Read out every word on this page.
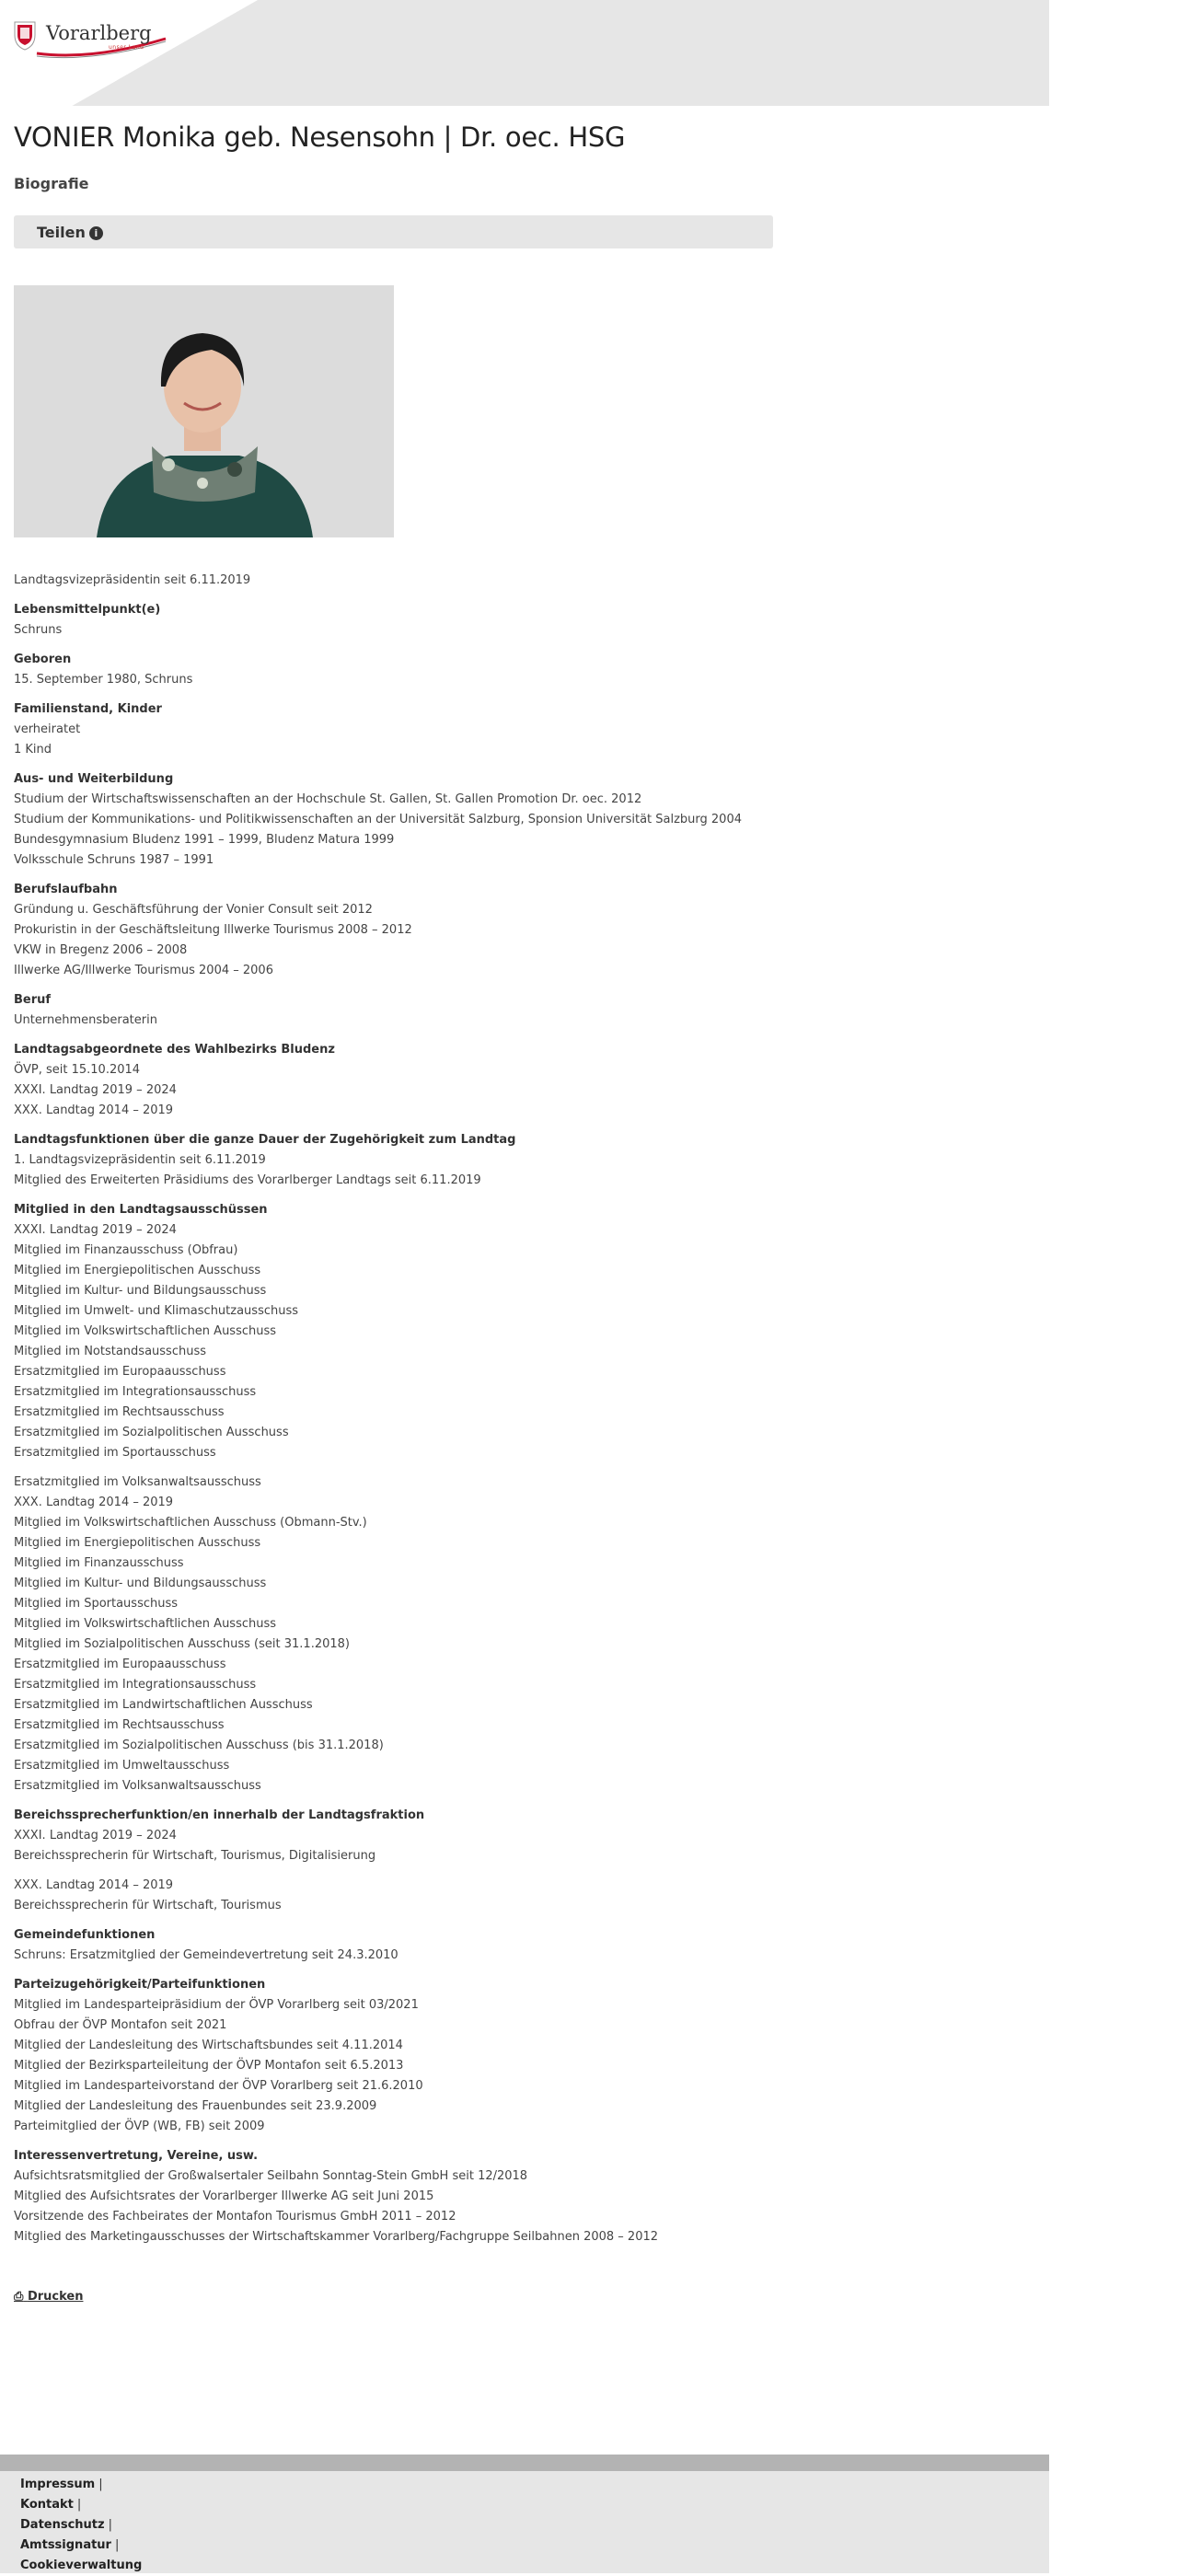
Vorarlberg
unser Land
VONIER Monika geb. Nesensohn | Dr. oec. HSG
Biografie
Teilen i
Landtagsvizepräsidentin seit 6.11.2019
Lebensmittelpunkt(e)
Schruns
Geboren
15. September 1980, Schruns
Familienstand, Kinder
verheiratet
1 Kind
Aus- und Weiterbildung
Studium der Wirtschaftswissenschaften an der Hochschule St. Gallen, St. Gallen Promotion Dr. oec. 2012
Studium der Kommunikations- und Politikwissenschaften an der Universität Salzburg, Sponsion Universität Salzburg 2004
Bundesgymnasium Bludenz 1991 – 1999, Bludenz Matura 1999
Volksschule Schruns 1987 – 1991
Berufslaufbahn
Gründung u. Geschäftsführung der Vonier Consult seit 2012
Prokuristin in der Geschäftsleitung Illwerke Tourismus 2008 – 2012
VKW in Bregenz 2006 – 2008
Illwerke AG/Illwerke Tourismus 2004 – 2006
Beruf
Unternehmensberaterin
Landtagsabgeordnete des Wahlbezirks Bludenz
ÖVP, seit 15.10.2014
XXXI. Landtag 2019 – 2024
XXX. Landtag 2014 – 2019
Landtagsfunktionen über die ganze Dauer der Zugehörigkeit zum Landtag
1. Landtagsvizepräsidentin seit 6.11.2019
Mitglied des Erweiterten Präsidiums des Vorarlberger Landtags seit 6.11.2019
Mitglied in den Landtagsausschüssen
XXXI. Landtag 2019 – 2024
Mitglied im Finanzausschuss (Obfrau)
Mitglied im Energiepolitischen Ausschuss
Mitglied im Kultur- und Bildungsausschuss
Mitglied im Umwelt- und Klimaschutzausschuss
Mitglied im Volkswirtschaftlichen Ausschuss
Mitglied im Notstandsausschuss
Ersatzmitglied im Europaausschuss
Ersatzmitglied im Integrationsausschuss
Ersatzmitglied im Rechtsausschuss
Ersatzmitglied im Sozialpolitischen Ausschuss
Ersatzmitglied im Sportausschuss
Ersatzmitglied im Volksanwaltsausschuss
XXX. Landtag 2014 – 2019
Mitglied im Volkswirtschaftlichen Ausschuss (Obmann-Stv.)
Mitglied im Energiepolitischen Ausschuss
Mitglied im Finanzausschuss
Mitglied im Kultur- und Bildungsausschuss
Mitglied im Sportausschuss
Mitglied im Volkswirtschaftlichen Ausschuss
Mitglied im Sozialpolitischen Ausschuss (seit 31.1.2018)
Ersatzmitglied im Europaausschuss
Ersatzmitglied im Integrationsausschuss
Ersatzmitglied im Landwirtschaftlichen Ausschuss
Ersatzmitglied im Rechtsausschuss
Ersatzmitglied im Sozialpolitischen Ausschuss (bis 31.1.2018)
Ersatzmitglied im Umweltausschuss
Ersatzmitglied im Volksanwaltsausschuss
Bereichssprecherfunktion/en innerhalb der Landtagsfraktion
XXXI. Landtag 2019 – 2024
Bereichssprecherin für Wirtschaft, Tourismus, Digitalisierung
XXX. Landtag 2014 – 2019
Bereichssprecherin für Wirtschaft, Tourismus
Gemeindefunktionen
Schruns: Ersatzmitglied der Gemeindevertretung seit 24.3.2010
Parteizugehörigkeit/Parteifunktionen
Mitglied im Landesparteipräsidium der ÖVP Vorarlberg seit 03/2021
Obfrau der ÖVP Montafon seit 2021
Mitglied der Landesleitung des Wirtschaftsbundes seit 4.11.2014
Mitglied der Bezirksparteileitung der ÖVP Montafon seit 6.5.2013
Mitglied im Landesparteivorstand der ÖVP Vorarlberg seit 21.6.2010
Mitglied der Landesleitung des Frauenbundes seit 23.9.2009
Parteimitglied der ÖVP (WB, FB) seit 2009
Interessenvertretung, Vereine, usw.
Aufsichtsratsmitglied der Großwalsertaler Seilbahn Sonntag-Stein GmbH seit 12/2018
Mitglied des Aufsichtsrates der Vorarlberger Illwerke AG seit Juni 2015
Vorsitzende des Fachbeirates der Montafon Tourismus GmbH 2011 – 2012
Mitglied des Marketingausschusses der Wirtschaftskammer Vorarlberg/Fachgruppe Seilbahnen 2008 – 2012
⎙ Drucken
Impressum |
Kontakt |
Datenschutz |
Amtssignatur |
Cookieverwaltung
